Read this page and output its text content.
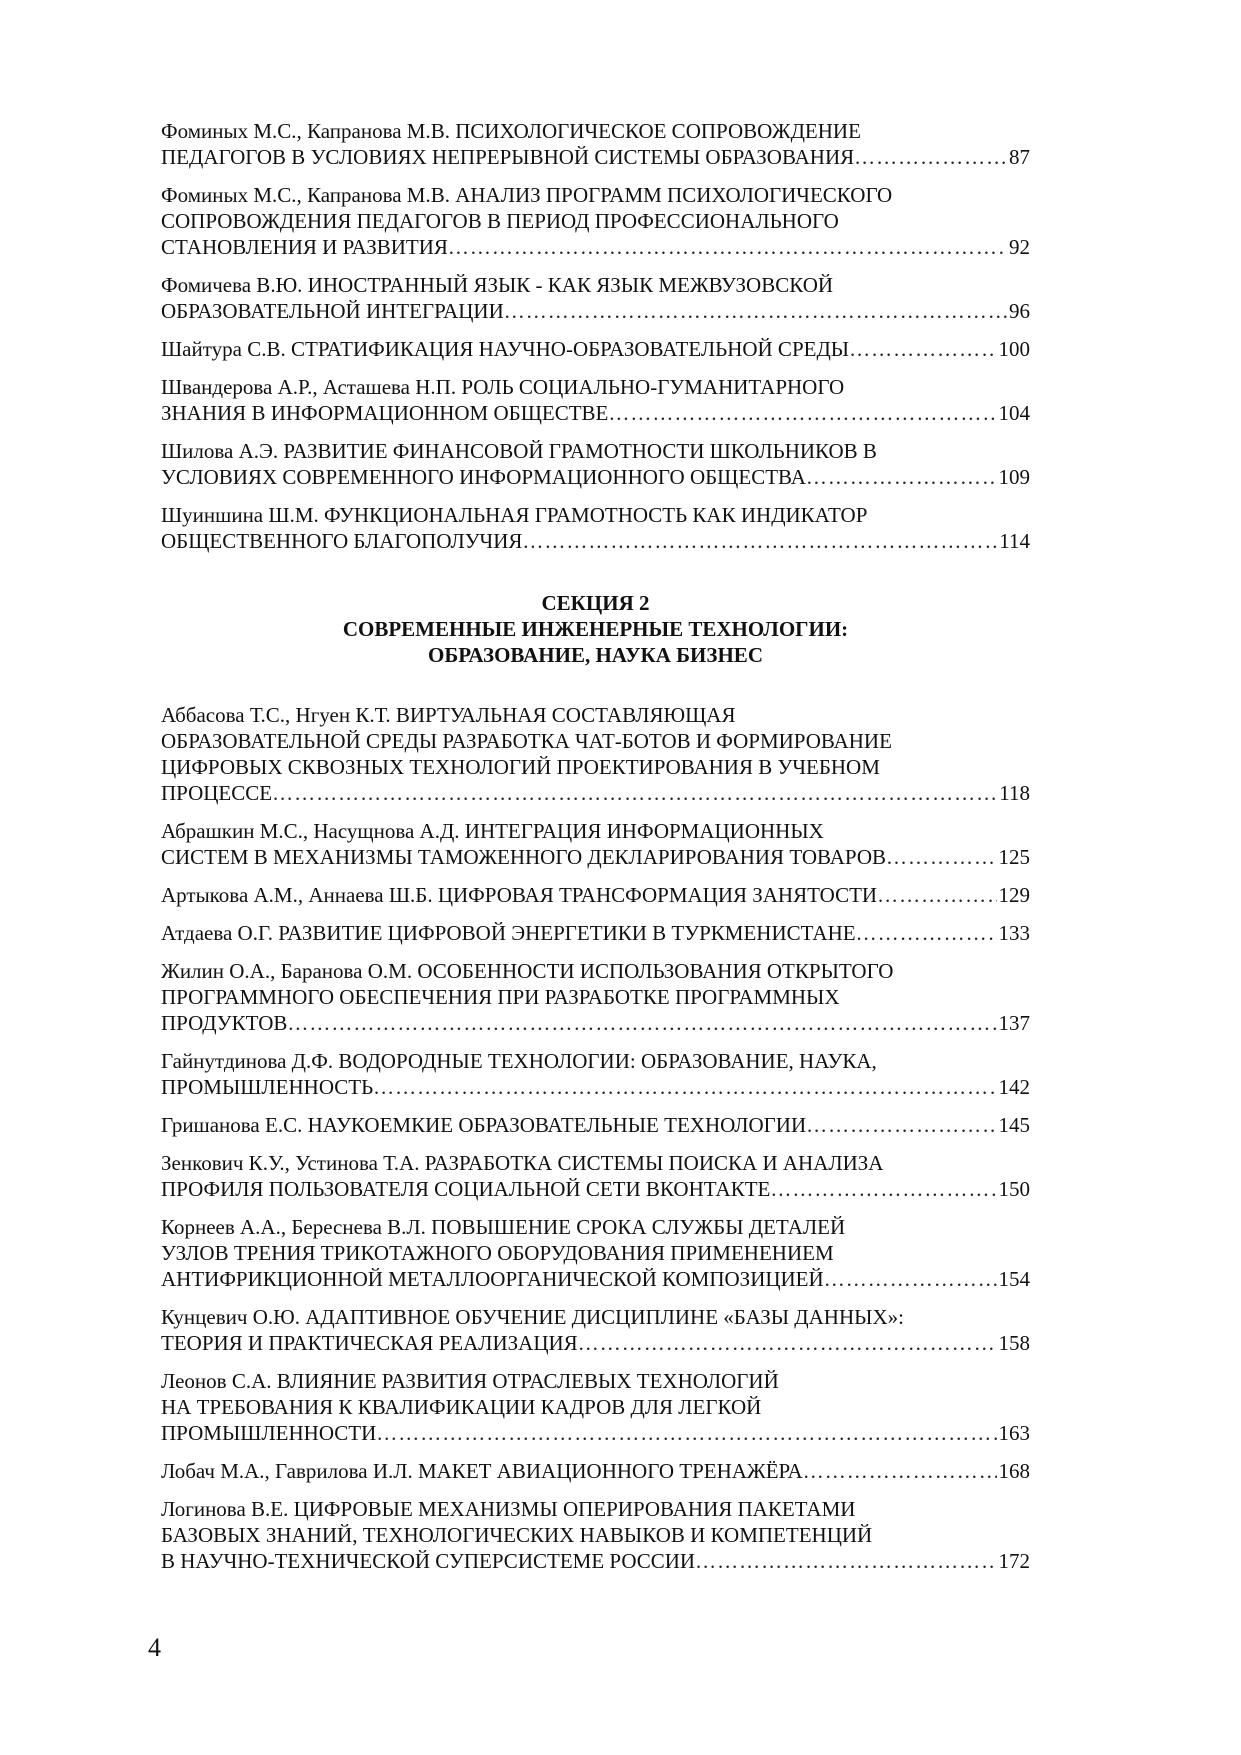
Фоминых М.С., Капранова М.В. ПСИХОЛОГИЧЕСКОЕ СОПРОВОЖДЕНИЕ
ПЕДАГОГОВ В УСЛОВИЯХ НЕПРЕРЫВНОЙ СИСТЕМЫ ОБРАЗОВАНИЯ ………………………………………………………………………………………………………………………………………………	87
Фоминых М.С., Капранова М.В. АНАЛИЗ ПРОГРАММ ПСИХОЛОГИЧЕСКОГО
СОПРОВОЖДЕНИЯ ПЕДАГОГОВ В ПЕРИОД ПРОФЕССИОНАЛЬНОГО
СТАНОВЛЕНИЯ И РАЗВИТИЯ ………………………………………………………………………………………………………………………………………………	92
Фомичева В.Ю. ИНОСТРАННЫЙ ЯЗЫК - КАК ЯЗЫК МЕЖВУЗОВСКОЙ
ОБРАЗОВАТЕЛЬНОЙ ИНТЕГРАЦИИ ………………………………………………………………………………………………………………………………………………	96
Шайтура С.В. СТРАТИФИКАЦИЯ НАУЧНО-ОБРАЗОВАТЕЛЬНОЙ СРЕДЫ ………………………………………………………………………………………………………………………………………………	100
Швандерова А.Р., Асташева Н.П. РОЛЬ СОЦИАЛЬНО-ГУМАНИТАРНОГО
ЗНАНИЯ В ИНФОРМАЦИОННОМ ОБЩЕСТВЕ ………………………………………………………………………………………………………………………………………………	104
Шилова А.Э. РАЗВИТИЕ ФИНАНСОВОЙ ГРАМОТНОСТИ ШКОЛЬНИКОВ В
УСЛОВИЯХ СОВРЕМЕННОГО ИНФОРМАЦИОННОГО ОБЩЕСТВА ………………………………………………………………………………………………………………………………………………	109
Шуиншина Ш.М. ФУНКЦИОНАЛЬНАЯ ГРАМОТНОСТЬ КАК ИНДИКАТОР
ОБЩЕСТВЕННОГО БЛАГОПОЛУЧИЯ ………………………………………………………………………………………………………………………………………………	114
СЕКЦИЯ 2
СОВРЕМЕННЫЕ ИНЖЕНЕРНЫЕ ТЕХНОЛОГИИ:
ОБРАЗОВАНИЕ, НАУКА БИЗНЕС
Аббасова Т.С., Нгуен К.Т. ВИРТУАЛЬНАЯ СОСТАВЛЯЮЩАЯ
ОБРАЗОВАТЕЛЬНОЙ СРЕДЫ РАЗРАБОТКА ЧАТ-БОТОВ И ФОРМИРОВАНИЕ
ЦИФРОВЫХ СКВОЗНЫХ ТЕХНОЛОГИЙ ПРОЕКТИРОВАНИЯ В УЧЕБНОМ
ПРОЦЕССЕ ………………………………………………………………………………………………………………………………………………	118
Абрашкин М.С., Насущнова А.Д. ИНТЕГРАЦИЯ ИНФОРМАЦИОННЫХ
СИСТЕМ В МЕХАНИЗМЫ ТАМОЖЕННОГО ДЕКЛАРИРОВАНИЯ ТОВАРОВ ………………………………………………………………………………………………………………………………………………	125
Артыкова А.М., Аннаева Ш.Б. ЦИФРОВАЯ ТРАНСФОРМАЦИЯ ЗАНЯТОСТИ ………………………………………………………………………………………………………………………………………………	129
Атдаева О.Г. РАЗВИТИЕ ЦИФРОВОЙ ЭНЕРГЕТИКИ В ТУРКМЕНИСТАНЕ ………………………………………………………………………………………………………………………………………………	133
Жилин О.А., Баранова О.М. ОСОБЕННОСТИ ИСПОЛЬЗОВАНИЯ ОТКРЫТОГО
ПРОГРАММНОГО ОБЕСПЕЧЕНИЯ ПРИ РАЗРАБОТКЕ ПРОГРАММНЫХ
ПРОДУКТОВ ………………………………………………………………………………………………………………………………………………	137
Гайнутдинова Д.Ф. ВОДОРОДНЫЕ ТЕХНОЛОГИИ: ОБРАЗОВАНИЕ, НАУКА,
ПРОМЫШЛЕННОСТЬ ………………………………………………………………………………………………………………………………………………	142
Гришанова Е.С. НАУКОЕМКИЕ ОБРАЗОВАТЕЛЬНЫЕ ТЕХНОЛОГИИ ………………………………………………………………………………………………………………………………………………	145
Зенкович К.У., Устинова Т.А. РАЗРАБОТКА СИСТЕМЫ ПОИСКА И АНАЛИЗА
ПРОФИЛЯ ПОЛЬЗОВАТЕЛЯ СОЦИАЛЬНОЙ СЕТИ ВКОНТАКТЕ ………………………………………………………………………………………………………………………………………………	150
Корнеев А.А., Береснева В.Л. ПОВЫШЕНИЕ СРОКА СЛУЖБЫ ДЕТАЛЕЙ
УЗЛОВ ТРЕНИЯ ТРИКОТАЖНОГО ОБОРУДОВАНИЯ ПРИМЕНЕНИЕМ
АНТИФРИКЦИОННОЙ МЕТАЛЛООРГАНИЧЕСКОЙ КОМПОЗИЦИЕЙ ………………………………………………………………………………………………………………………………………………	154
Кунцевич О.Ю. АДАПТИВНОЕ ОБУЧЕНИЕ ДИСЦИПЛИНЕ «БАЗЫ ДАННЫХ»:
ТЕОРИЯ И ПРАКТИЧЕСКАЯ РЕАЛИЗАЦИЯ ………………………………………………………………………………………………………………………………………………	158
Леонов С.А. ВЛИЯНИЕ РАЗВИТИЯ ОТРАСЛЕВЫХ ТЕХНОЛОГИЙ
НА ТРЕБОВАНИЯ К КВАЛИФИКАЦИИ КАДРОВ ДЛЯ ЛЕГКОЙ
ПРОМЫШЛЕННОСТИ ………………………………………………………………………………………………………………………………………………	163
Лобач М.А., Гаврилова И.Л. МАКЕТ АВИАЦИОННОГО ТРЕНАЖЁРА ………………………………………………………………………………………………………………………………………………	168
Логинова В.Е. ЦИФРОВЫЕ МЕХАНИЗМЫ ОПЕРИРОВАНИЯ ПАКЕТАМИ
БАЗОВЫХ ЗНАНИЙ, ТЕХНОЛОГИЧЕСКИХ НАВЫКОВ И КОМПЕТЕНЦИЙ
В НАУЧНО-ТЕХНИЧЕСКОЙ СУПЕРСИСТЕМЕ РОССИИ ………………………………………………………………………………………………………………………………………………	172
4
